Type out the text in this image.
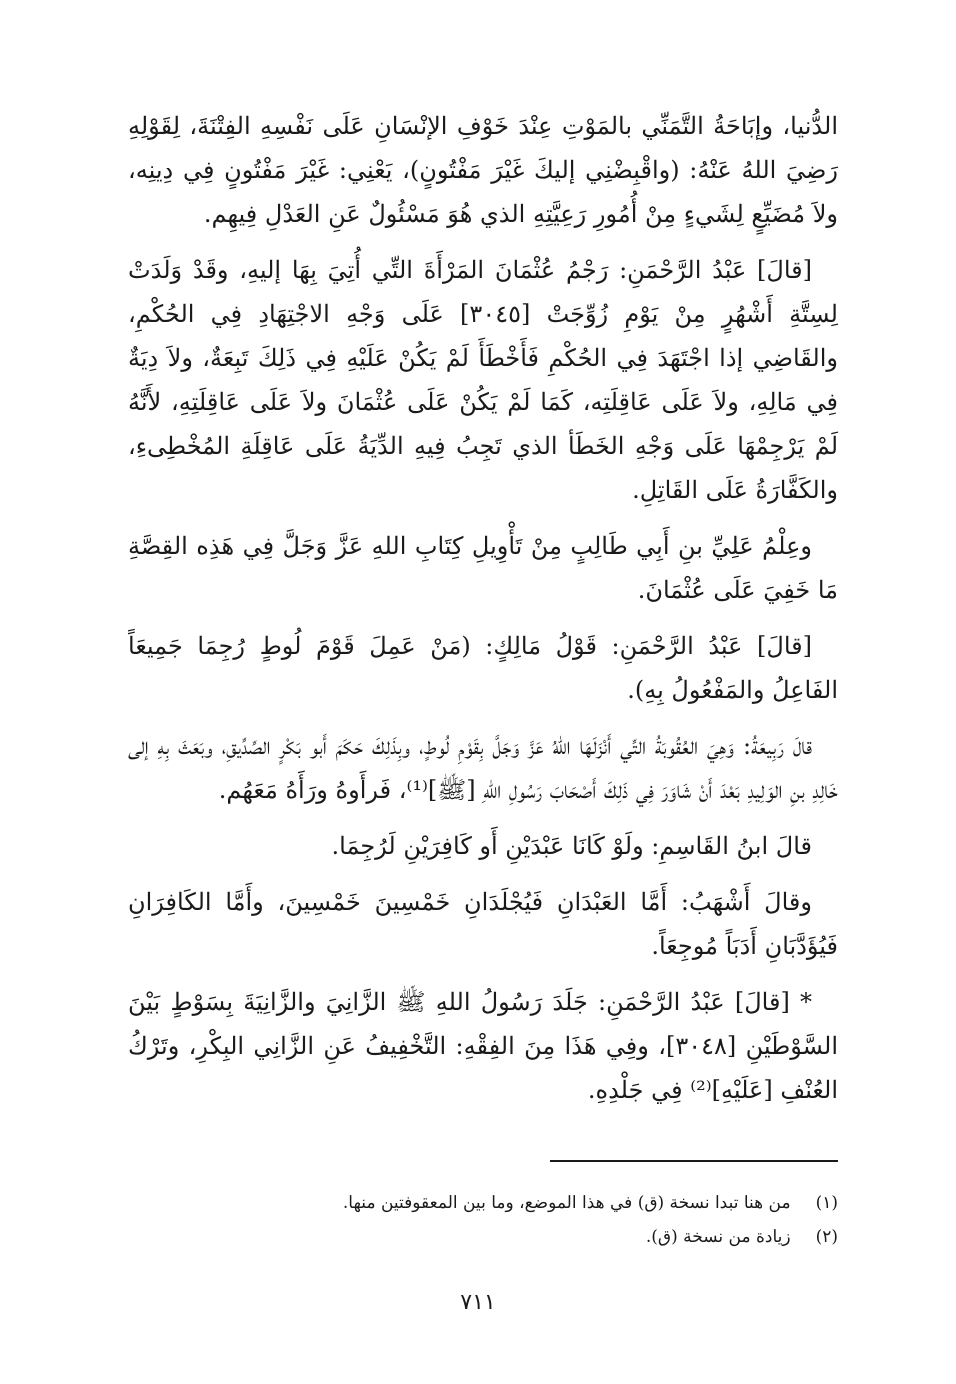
الدُّنيا، وإبَاحَةُ التَّمَنِّي بالمَوْتِ عِنْدَ خَوْفِ الإنْسَانِ عَلَى نَفْسِهِ الفِتْنَةَ، لِقَوْلِهِ رَضِيَ اللهُ عَنْهُ: (واقْبِضْنِي إليكَ غَيْرَ مَفْتُونٍ)، يَعْنِي: غَيْرَ مَفْتُونٍ فِي دِينِه، ولاَ مُضَيِّعٍ لِشَيءٍ مِنْ أُمُورِ رَعِيَّتِهِ الذي هُوَ مَسْئُولٌ عَنِ العَدْلِ فِيهِم.

[قالَ] عَبْدُ الرَّحْمَنِ: رَجْمُ عُثْمَانَ المَرْأَةَ التِّي أُتِيَ بِهَا إليهِ، وقَدْ وَلَدَتْ لِسِتَّةِ أَشْهُرٍ مِنْ يَوْمِ زُوِّجَتْ [٣٠٤٥] عَلَى وَجْهِ الاجْتِهَادِ فِي الحُكْمِ، والقَاضِي إذا اجْتَهَدَ فِي الحُكْمِ فَأَخْطَأَ لَمْ يَكُنْ عَلَيْهِ فِي ذَلِكَ تَبِعَةٌ، ولاَ دِيَةٌ فِي مَالِهِ، ولاَ عَلَى عَاقِلَتِه، كَمَا لَمْ يَكُنْ عَلَى عُثْمَانَ ولاَ عَلَى عَاقِلَتِهِ، لأَنَّهُ لَمْ يَرْجِمْهَا عَلَى وَجْهِ الخَطَأ الذي تَجِبُ فِيهِ الدِّيَةُ عَلَى عَاقِلَةِ المُخْطِىءِ، والكَفَّارَةُ عَلَى القَاتِلِ.

وعِلْمُ عَلِيِّ بنِ أَبِي طَالِبٍ مِنْ تَأْوِيلِ كِتَابِ اللهِ عَزَّ وَجَلَّ فِي هَذِه القِصَّةِ مَا خَفِيَ عَلَى عُثْمَانَ.

[قالَ] عَبْدُ الرَّحْمَنِ: قَوْلُ مَالِكٍ: (مَنْ عَمِلَ قَوْمَ لُوطٍ رُجِمَا جَمِيعَاً الفَاعِلُ والمَفْعُولُ بِهِ).

قالَ رَبِيعَةُ: وَهِيَ العُقُوبَةُ التِّي أَنْزَلَهَا اللهُ عَزَّ وَجَلَّ بِقَوْمِ لُوطٍ، وبِذَلِكَ حَكَمَ أَبو بَكْرٍ الصِّدِّيقِ، وبَعَثَ بِهِ إلى خَالِدِ بنِ الوَلِيدِ بَعْدَ أَنْ شَاوَرَ فِي ذَلِكَ أَصْحَابَ رَسُولِ اللهِ [ﷺ]⁽¹⁾، فَرأَوهُ ورَأَهُ مَعَهُم.

قالَ ابنُ القَاسِمِ: ولَوْ كَانَا عَبْدَيْنِ أَو كَافِرَيْنِ لَرُجِمَا.

وقالَ أَشْهَبُ: أَمَّا العَبْدَانِ فَيُجْلَدَانِ خَمْسِينَ خَمْسِينَ، وأَمَّا الكَافِرَانِ فَيُؤَدَّبَانِ أَدَبَاً مُوجِعَاً.

* [قالَ] عَبْدُ الرَّحْمَنِ: جَلَدَ رَسُولُ اللهِ ﷺ الزَّانِيَ والزَّانِيَةَ بِسَوْطٍ بَيْنَ السَّوْطَيْنِ [٣٠٤٨]، وفِي هَذَا مِنَ الفِقْهِ: التَّخْفِيفُ عَنِ الزَّانِي البِكْرِ، وتَرْكُ العُنْفِ [عَلَيْهِ]⁽²⁾ فِي جَلْدِهِ.

(١) من هنا تبدا نسخة (ق) في هذا الموضع، وما بين المعقوفتين منها.

(٢) زيادة من نسخة (ق).

٧١١
